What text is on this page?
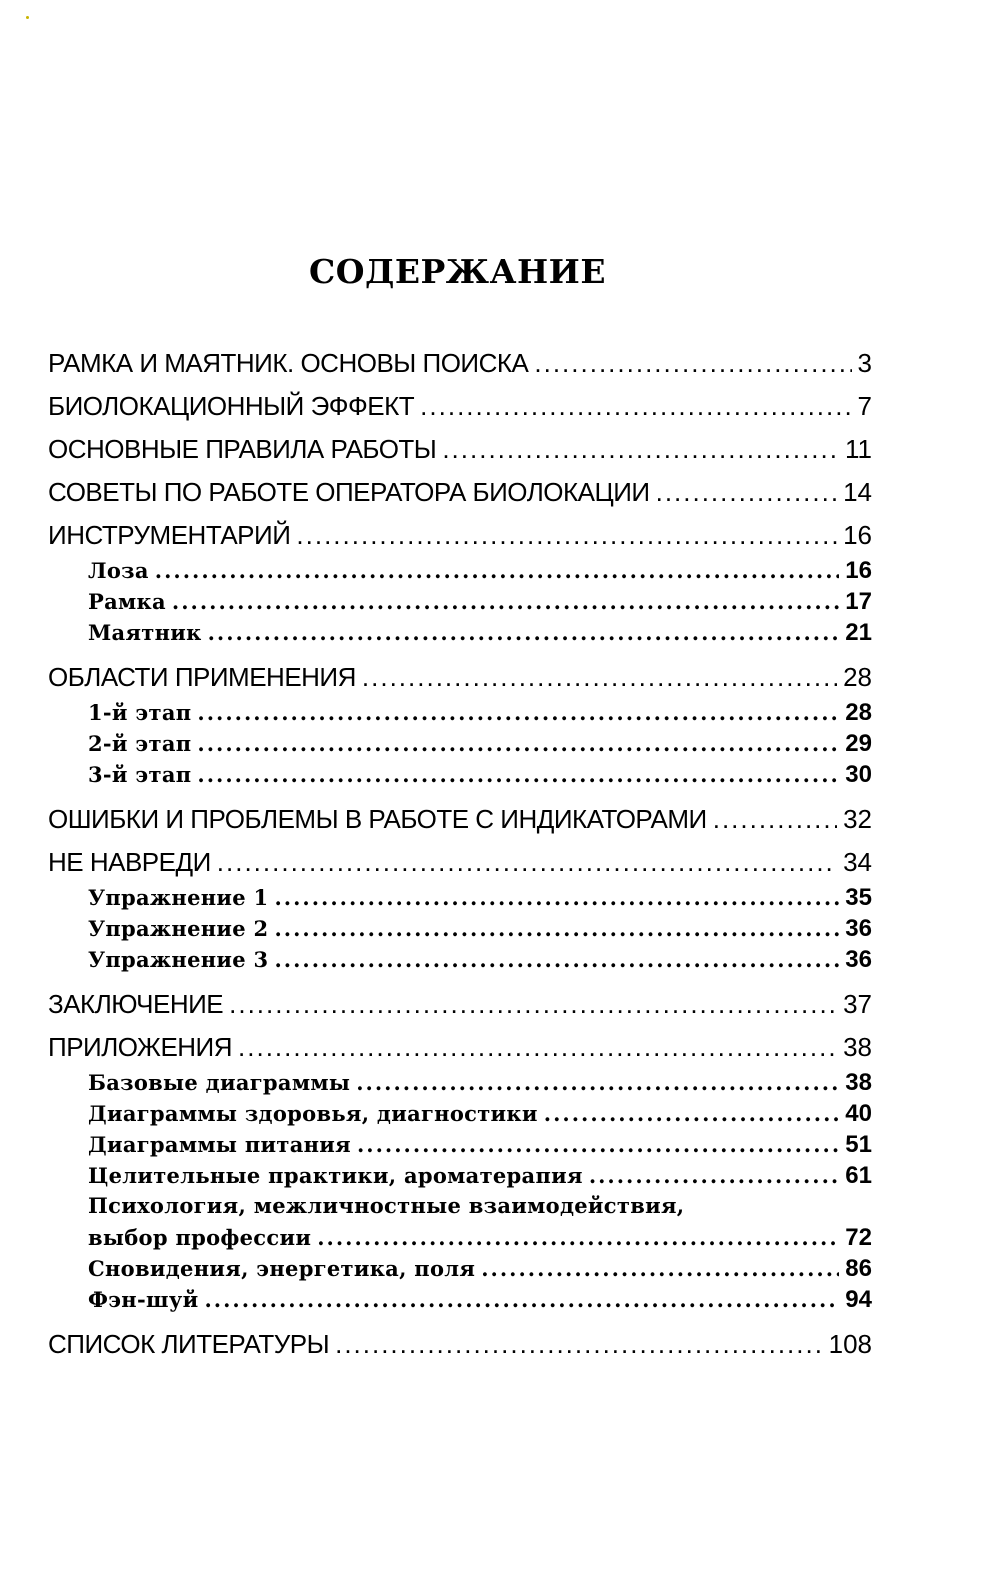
СОДЕРЖАНИЕ
РАМКА И МАЯТНИК. ОСНОВЫ ПОИСКА .....	3
БИОЛОКАЦИОННЫЙ ЭФФЕКТ .....	7
ОСНОВНЫЕ ПРАВИЛА РАБОТЫ .....	11
СОВЕТЫ ПО РАБОТЕ ОПЕРАТОРА БИОЛОКАЦИИ .....	14
ИНСТРУМЕНТАРИЙ .....	16
Лоза .....	16
Рамка .....	17
Маятник .....	21
ОБЛАСТИ ПРИМЕНЕНИЯ .....	28
1-й этап .....	28
2-й этап .....	29
3-й этап .....	30
ОШИБКИ И ПРОБЛЕМЫ В РАБОТЕ С ИНДИКАТОРАМИ .....	32
НЕ НАВРЕДИ .....	34
Упражнение 1 .....	35
Упражнение 2 .....	36
Упражнение 3 .....	36
ЗАКЛЮЧЕНИЕ .....	37
ПРИЛОЖЕНИЯ .....	38
Базовые диаграммы .....	38
Диаграммы здоровья, диагностики .....	40
Диаграммы питания .....	51
Целительные практики, ароматерапия .....	61
Психология, межличностные взаимодействия,
выбор профессии .....	72
Сновидения, энергетика, поля .....	86
Фэн-шуй .....	94
СПИСОК ЛИТЕРАТУРЫ .....	108
